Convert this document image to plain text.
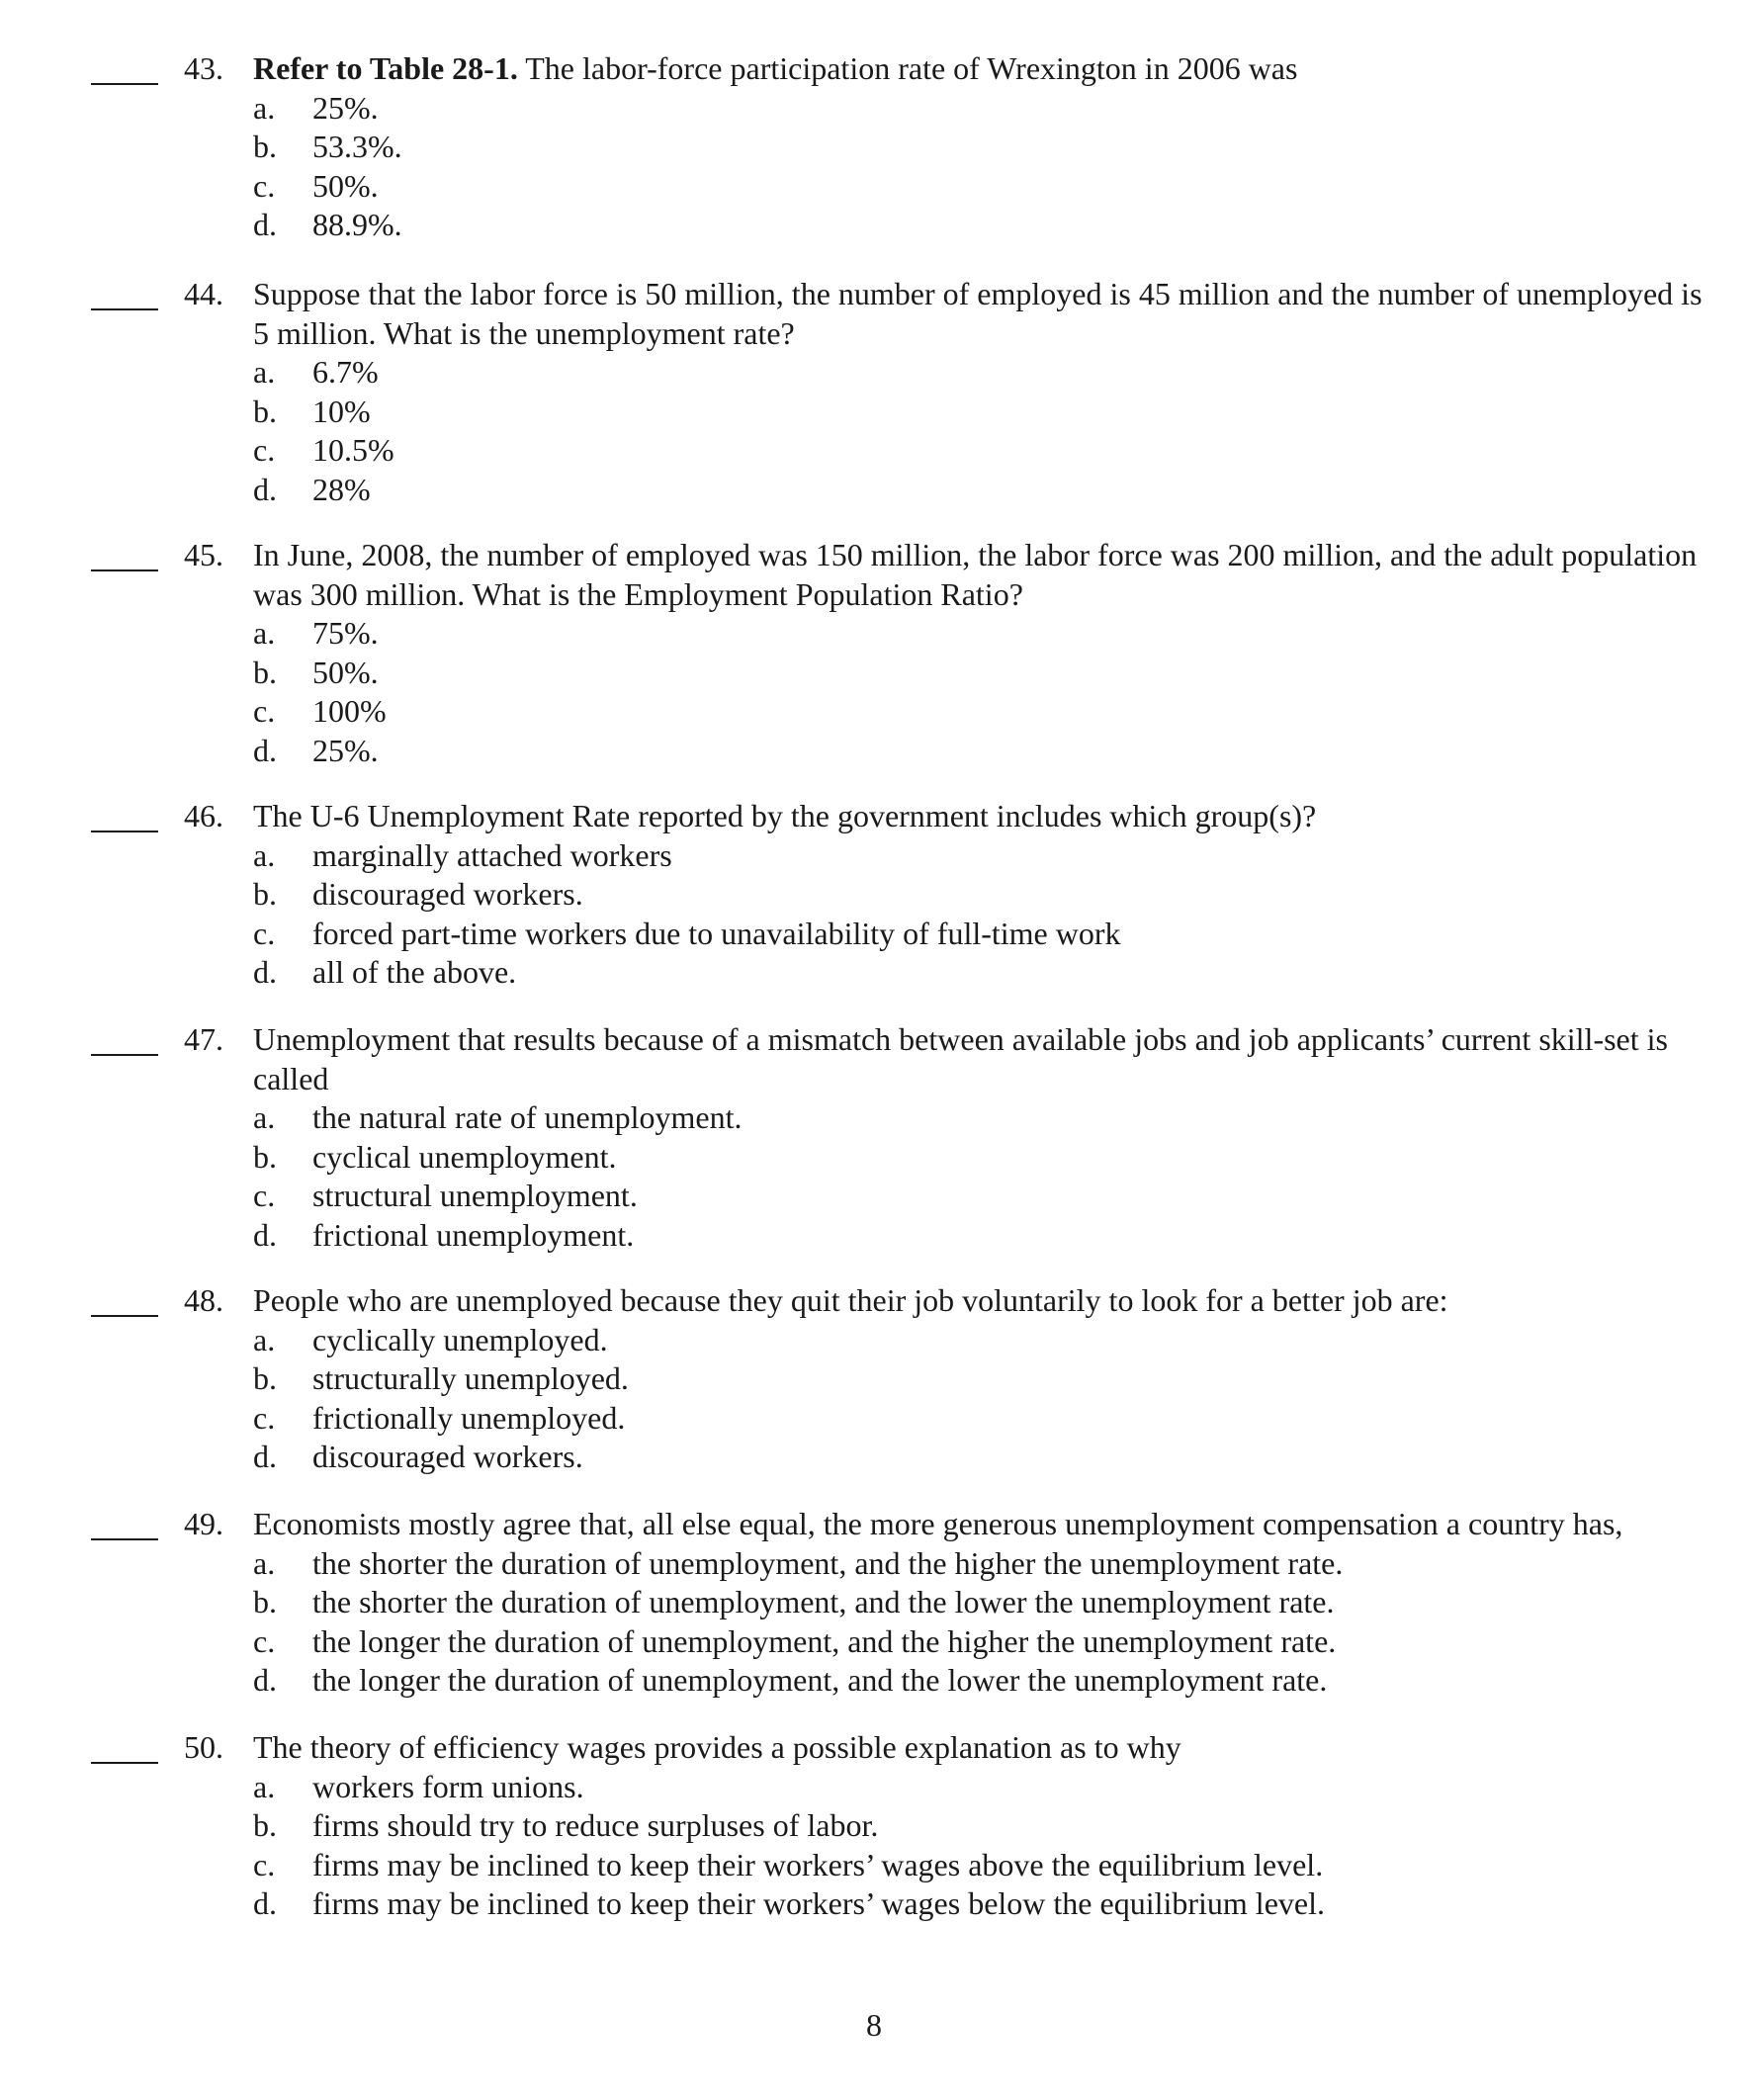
43. Refer to Table 28-1. The labor-force participation rate of Wrexington in 2006 was
a.	25%.
b.	53.3%.
c.	50%.
d.	88.9%.
44. Suppose that the labor force is 50 million, the number of employed is 45 million and the number of unemployed is 5 million. What is the unemployment rate?
a.	6.7%
b.	10%
c.	10.5%
d.	28%
45. In June, 2008, the number of employed was 150 million, the labor force was 200 million, and the adult population was 300 million. What is the Employment Population Ratio?
a.	75%.
b.	50%.
c.	100%
d.	25%.
46. The U-6 Unemployment Rate reported by the government includes which group(s)?
a.	marginally attached workers
b.	discouraged workers.
c.	forced part-time workers due to unavailability of full-time work
d.	all of the above.
47. Unemployment that results because of a mismatch between available jobs and job applicants’ current skill-set is called
a.	the natural rate of unemployment.
b.	cyclical unemployment.
c.	structural unemployment.
d.	frictional unemployment.
48. People who are unemployed because they quit their job voluntarily to look for a better job are:
a.	cyclically unemployed.
b.	structurally unemployed.
c.	frictionally unemployed.
d.	discouraged workers.
49. Economists mostly agree that, all else equal, the more generous unemployment compensation a country has,
a.	the shorter the duration of unemployment, and the higher the unemployment rate.
b.	the shorter the duration of unemployment, and the lower the unemployment rate.
c.	the longer the duration of unemployment, and the higher the unemployment rate.
d.	the longer the duration of unemployment, and the lower the unemployment rate.
50. The theory of efficiency wages provides a possible explanation as to why
a.	workers form unions.
b.	firms should try to reduce surpluses of labor.
c.	firms may be inclined to keep their workers’ wages above the equilibrium level.
d.	firms may be inclined to keep their workers’ wages below the equilibrium level.
8
